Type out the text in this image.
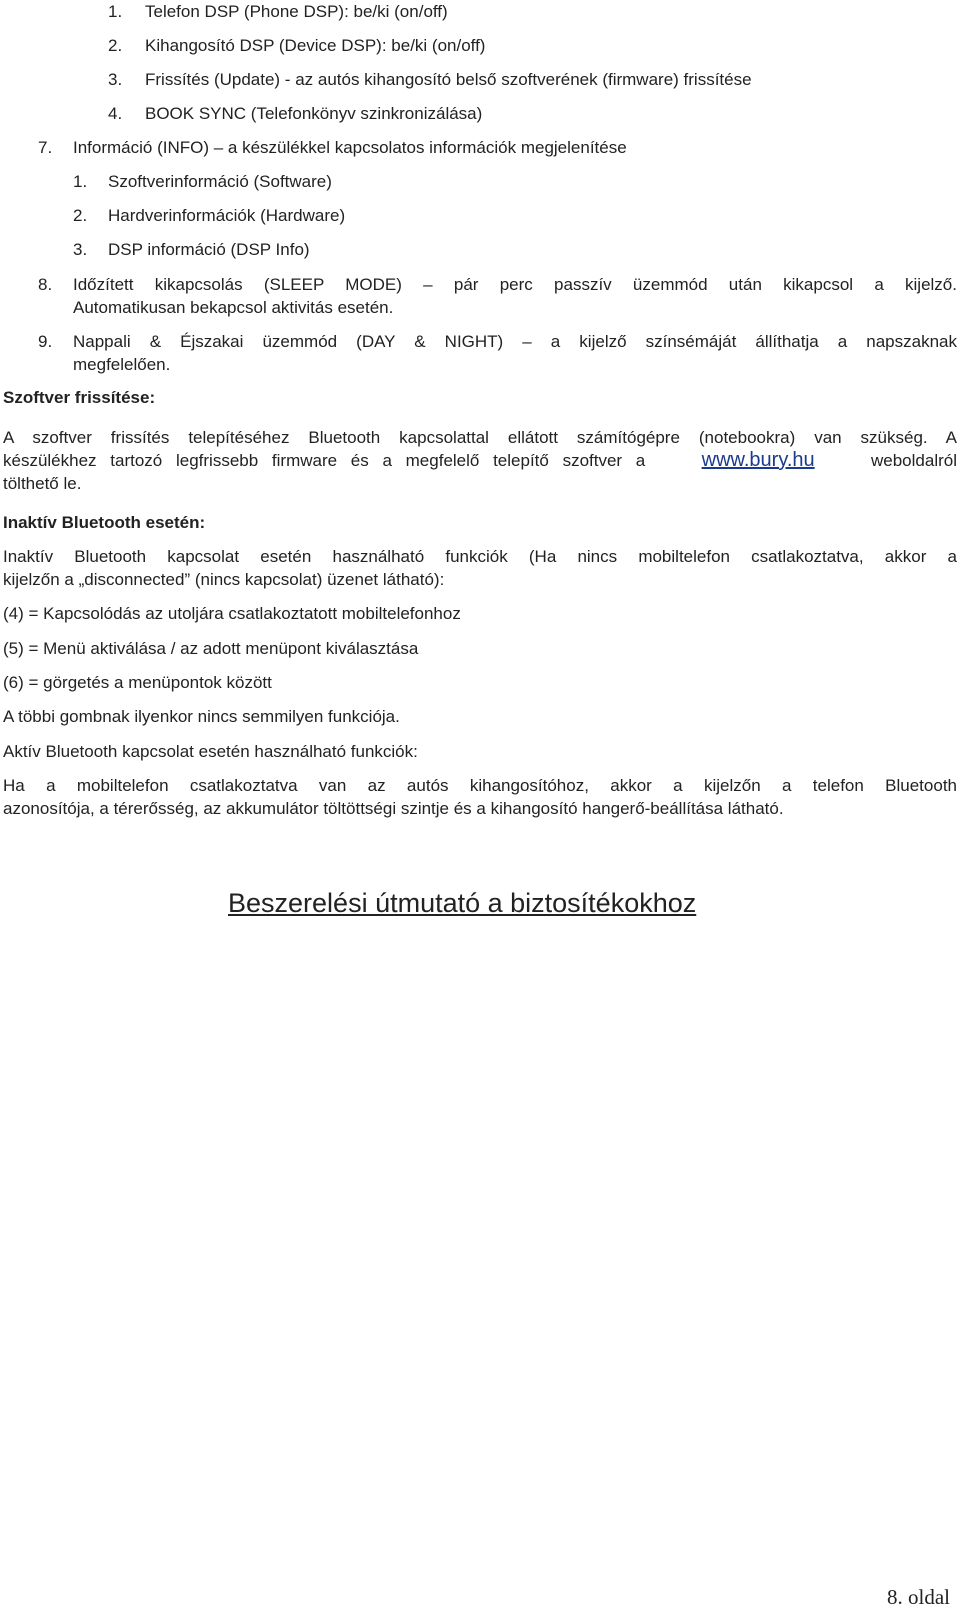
1. Telefon DSP (Phone DSP): be/ki (on/off)
2. Kihangosító DSP (Device DSP): be/ki (on/off)
3. Frissítés (Update) - az autós kihangosító belső szoftverének (firmware) frissítése
4. BOOK SYNC (Telefonkönyv szinkronizálása)
7. Információ (INFO) – a készülékkel kapcsolatos információk megjelenítése
1. Szoftverinformáció (Software)
2. Hardverinformációk (Hardware)
3. DSP információ (DSP Info)
8. Időzített kikapcsolás (SLEEP MODE) – pár perc passzív üzemmód után kikapcsol a kijelző.
Automatikusan bekapcsol aktivitás esetén.
9. Nappali & Éjszakai üzemmód (DAY & NIGHT) – a kijelző színsémáját állíthatja a napszaknak
megfelelően.
Szoftver frissítése:
A szoftver frissítés telepítéséhez Bluetooth kapcsolattal ellátott számítógépre (notebookra) van szükség. A
készülékhez tartozó legfrissebb firmware és a megfelelő telepítő szoftver a	www.bury.hu	weboldalról
tölthető le.
Inaktív Bluetooth esetén:
Inaktív Bluetooth kapcsolat esetén használható funkciók (Ha nincs mobiltelefon csatlakoztatva, akkor a
kijelzőn a „disconnected” (nincs kapcsolat) üzenet látható):
(4) = Kapcsolódás az utoljára csatlakoztatott mobiltelefonhoz
(5) = Menü aktiválása / az adott menüpont kiválasztása
(6) = görgetés a menüpontok között
A többi gombnak ilyenkor nincs semmilyen funkciója.
Aktív Bluetooth kapcsolat esetén használható funkciók:
Ha a mobiltelefon csatlakoztatva van az autós kihangosítóhoz, akkor a kijelzőn a telefon Bluetooth
azonosítója, a térerősség, az akkumulátor töltöttségi szintje és a kihangosító hangerő-beállítása látható.
Beszerelési útmutató a biztosítékokhoz
8. oldal
